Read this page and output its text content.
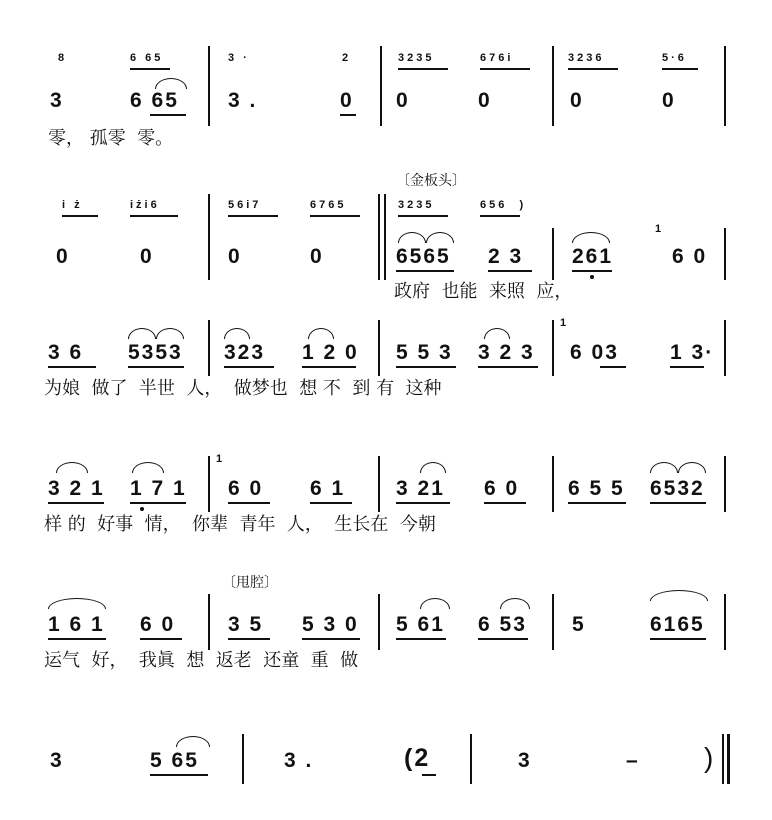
8	6 65	3 ·	2	3235	676i	3236	5·6
3	6 65 3 .	0 0	0	0	0
零， 孤零  零。
〔金板头〕
i ż	iżi6	56i7	6765	3235	656  )
0	0	0	0	6565 2 3 261	6 0
1
政府  也能  来照  应，
3 6 5353 323 1 2 0 5 5 3 3 2 3 6 03 1 3·
1
为娘  做了  半世  人，  做梦也  想 不  到 有  这种
3 2 1 1 7 1 6 0 6 1 3 21 6 0 6 5 5 6532
1
样 的  好事  情，  你辈  青年  人，  生长在  今朝
〔甩腔〕
1 6 1 6 0	3 5 5 3 0 5 61 6 53 5	6165
运气  好，  我眞  想  返老  还童  重  做
3	5 65	3 .	(2	3	– )
